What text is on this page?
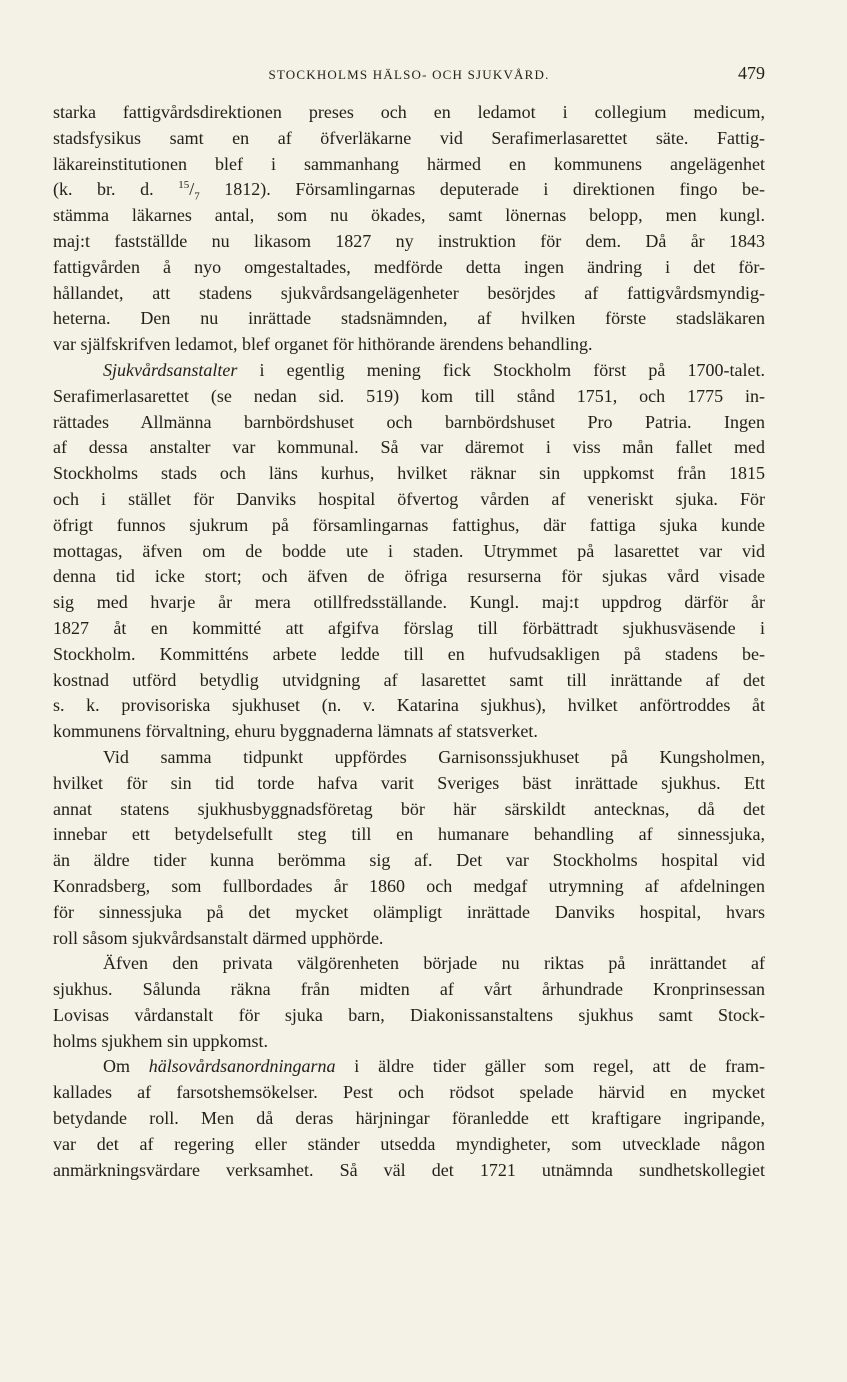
STOCKHOLMS HÄLSO- OCH SJUKVÅRD.	479
starka fattigvårdsdirektionen preses och en ledamot i collegium medicum,
stadsfysikus samt en af öfverläkarne vid Serafimerlasarettet säte. Fattig-
läkareinstitutionen blef i sammanhang härmed en kommunens angelägenhet
(k. br. d. $^{15}/_7$ 1812). Församlingarnas deputerade i direktionen fingo be-
stämma läkarnes antal, som nu ökades, samt lönernas belopp, men kungl.
maj:t fastställde nu likasom 1827 ny instruktion för dem. Då år 1843
fattigvården å nyo omgestaltades, medförde detta ingen ändring i det för-
hållandet, att stadens sjukvårdsangelägenheter besörjdes af fattigvårdsmyndig-
heterna. Den nu inrättade stadsnämnden, af hvilken förste stadsläkaren
var själfskrifven ledamot, blef organet för hithörande ärendens behandling.
Sjukvårdsanstalter i egentlig mening fick Stockholm först på 1700-talet.
Serafimerlasarettet (se nedan sid. 519) kom till stånd 1751, och 1775 in-
rättades Allmänna barnbördshuset och barnbördshuset Pro Patria. Ingen
af dessa anstalter var kommunal. Så var däremot i viss mån fallet med
Stockholms stads och läns kurhus, hvilket räknar sin uppkomst från 1815
och i stället för Danviks hospital öfvertog vården af veneriskt sjuka. För
öfrigt funnos sjukrum på församlingarnas fattighus, där fattiga sjuka kunde
mottagas, äfven om de bodde ute i staden. Utrymmet på lasarettet var vid
denna tid icke stort; och äfven de öfriga resurserna för sjukas vård visade
sig med hvarje år mera otillfredsställande. Kungl. maj:t uppdrog därför år
1827 åt en kommitté att afgifva förslag till förbättradt sjukhusväsende i
Stockholm. Kommitténs arbete ledde till en hufvudsakligen på stadens be-
kostnad utförd betydlig utvidgning af lasarettet samt till inrättande af det
s. k. provisoriska sjukhuset (n. v. Katarina sjukhus), hvilket anförtroddes åt
kommunens förvaltning, ehuru byggnaderna lämnats af statsverket.
Vid samma tidpunkt uppfördes Garnisonssjukhuset på Kungsholmen,
hvilket för sin tid torde hafva varit Sveriges bäst inrättade sjukhus. Ett
annat statens sjukhusbyggnadsföretag bör här särskildt antecknas, då det
innebar ett betydelsefullt steg till en humanare behandling af sinnessjuka,
än äldre tider kunna berömma sig af. Det var Stockholms hospital vid
Konradsberg, som fullbordades år 1860 och medgaf utrymning af afdelningen
för sinnessjuka på det mycket olämpligt inrättade Danviks hospital, hvars
roll såsom sjukvårdsanstalt därmed upphörde.
Äfven den privata välgörenheten började nu riktas på inrättandet af
sjukhus. Sålunda räkna från midten af vårt århundrade Kronprinsessan
Lovisas vårdanstalt för sjuka barn, Diakonissanstaltens sjukhus samt Stock-
holms sjukhem sin uppkomst.
Om hälsovårdsanordningarna i äldre tider gäller som regel, att de fram-
kallades af farsotshemsökelser. Pest och rödsot spelade härvid en mycket
betydande roll. Men då deras härjningar föranledde ett kraftigare ingripande,
var det af regering eller ständer utsedda myndigheter, som utvecklade någon
anmärkningsvärdare verksamhet. Så väl det 1721 utnämnda sundhetskollegiet
